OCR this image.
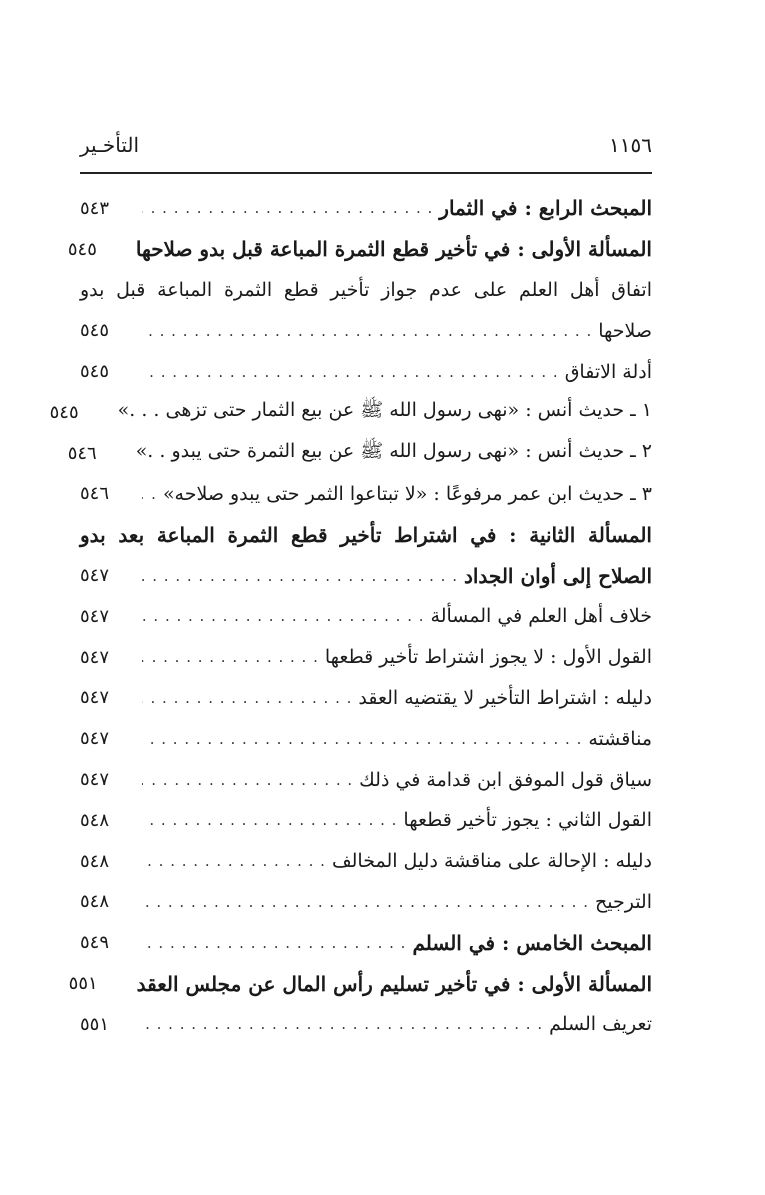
١١٥٦
التأخـير
المبحث الرابع : في الثمار
. . .
٥٤٣
المسألة الأولى : في تأخير قطع الثمرة المباعة قبل بدو صلاحها
٥٤٥
اتفاق أهل العلم على عدم جواز تأخير قطع الثمرة المباعة قبل بدو
صلاحها
. . .
٥٤٥
أدلة الاتفاق
. . .
٥٤٥
١ ـ حديث أنس : «نهى رسول الله ﷺ عن بيع الثمار حتى تزهى . . .»
٥٤٥
٢ ـ حديث أنس : «نهى رسول الله ﷺ عن بيع الثمرة حتى يبدو . .»
٥٤٦
٣ ـ حديث ابن عمر مرفوعًا : «لا تبتاعوا الثمر حتى يبدو صلاحه»
. . .
٥٤٦
المسألة الثانية : في اشتراط تأخير قطع الثمرة المباعة بعد بدو
الصلاح إلى أوان الجداد
. . .
٥٤٧
خلاف أهل العلم في المسألة
. . .
٥٤٧
القول الأول : لا يجوز اشتراط تأخير قطعها
. . .
٥٤٧
دليله : اشتراط التأخير لا يقتضيه العقد
. . .
٥٤٧
مناقشته
. . .
٥٤٧
سياق قول الموفق ابن قدامة في ذلك
. . .
٥٤٧
القول الثاني : يجوز تأخير قطعها
. . .
٥٤٨
دليله : الإحالة على مناقشة دليل المخالف
. . .
٥٤٨
الترجيح
. . .
٥٤٨
المبحث الخامس : في السلم
. . .
٥٤٩
المسألة الأولى : في تأخير تسليم رأس المال عن مجلس العقد
٥٥١
تعريف السلم
. . .
٥٥١
